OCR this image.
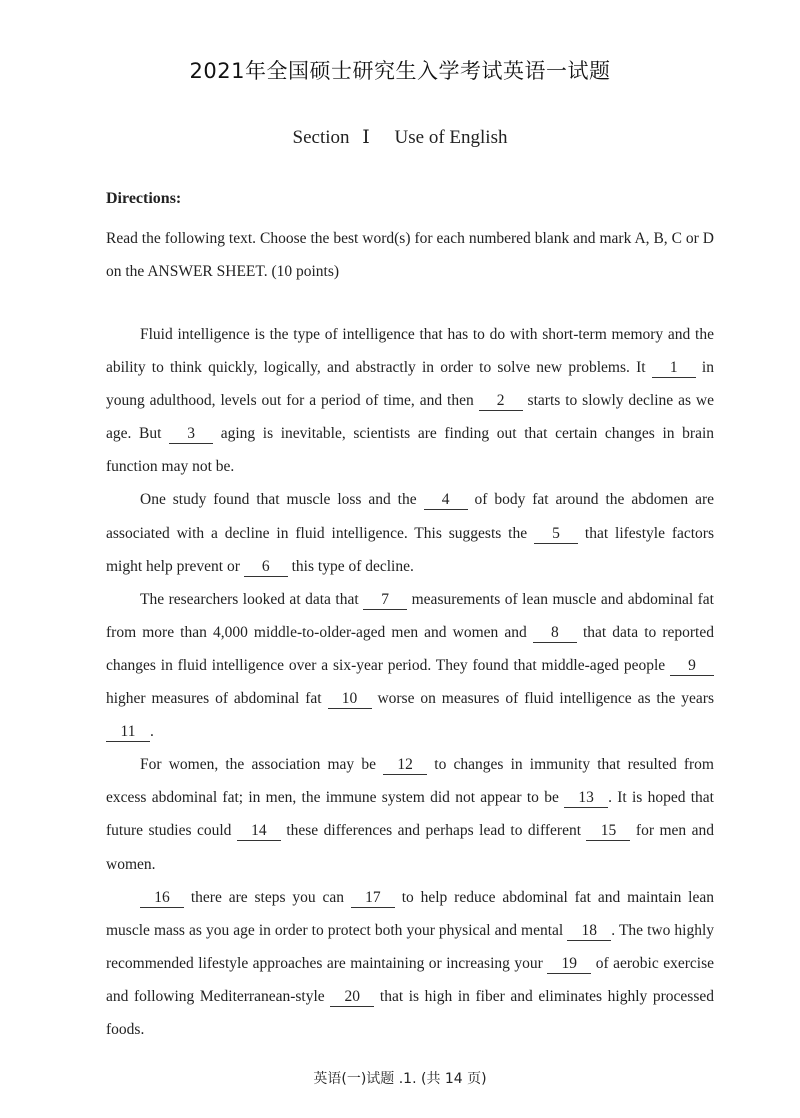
2021年全国硕士研究生入学考试英语一试题
Section Ⅰ Use of English
Directions:
Read the following text. Choose the best word(s) for each numbered blank and mark A, B, C or D on the ANSWER SHEET. (10 points)

Fluid intelligence is the type of intelligence that has to do with short-term memory and the ability to think quickly, logically, and abstractly in order to solve new problems. It 1 in young adulthood, levels out for a period of time, and then 2 starts to slowly decline as we age. But 3 aging is inevitable, scientists are finding out that certain changes in brain function may not be.

One study found that muscle loss and the 4 of body fat around the abdomen are associated with a decline in fluid intelligence. This suggests the 5 that lifestyle factors might help prevent or 6 this type of decline.

The researchers looked at data that 7 measurements of lean muscle and abdominal fat from more than 4,000 middle-to-older-aged men and women and 8 that data to reported changes in fluid intelligence over a six-year period. They found that middle-aged people 9 higher measures of abdominal fat 10 worse on measures of fluid intelligence as the years 11 .

For women, the association may be 12 to changes in immunity that resulted from excess abdominal fat; in men, the immune system did not appear to be 13 . It is hoped that future studies could 14 these differences and perhaps lead to different 15 for men and women.

16 there are steps you can 17 to help reduce abdominal fat and maintain lean muscle mass as you age in order to protect both your physical and mental 18 . The two highly recommended lifestyle approaches are maintaining or increasing your 19 of aerobic exercise and following Mediterranean-style 20 that is high in fiber and eliminates highly processed foods.

英语(一)试题 .1. (共 14 页)
